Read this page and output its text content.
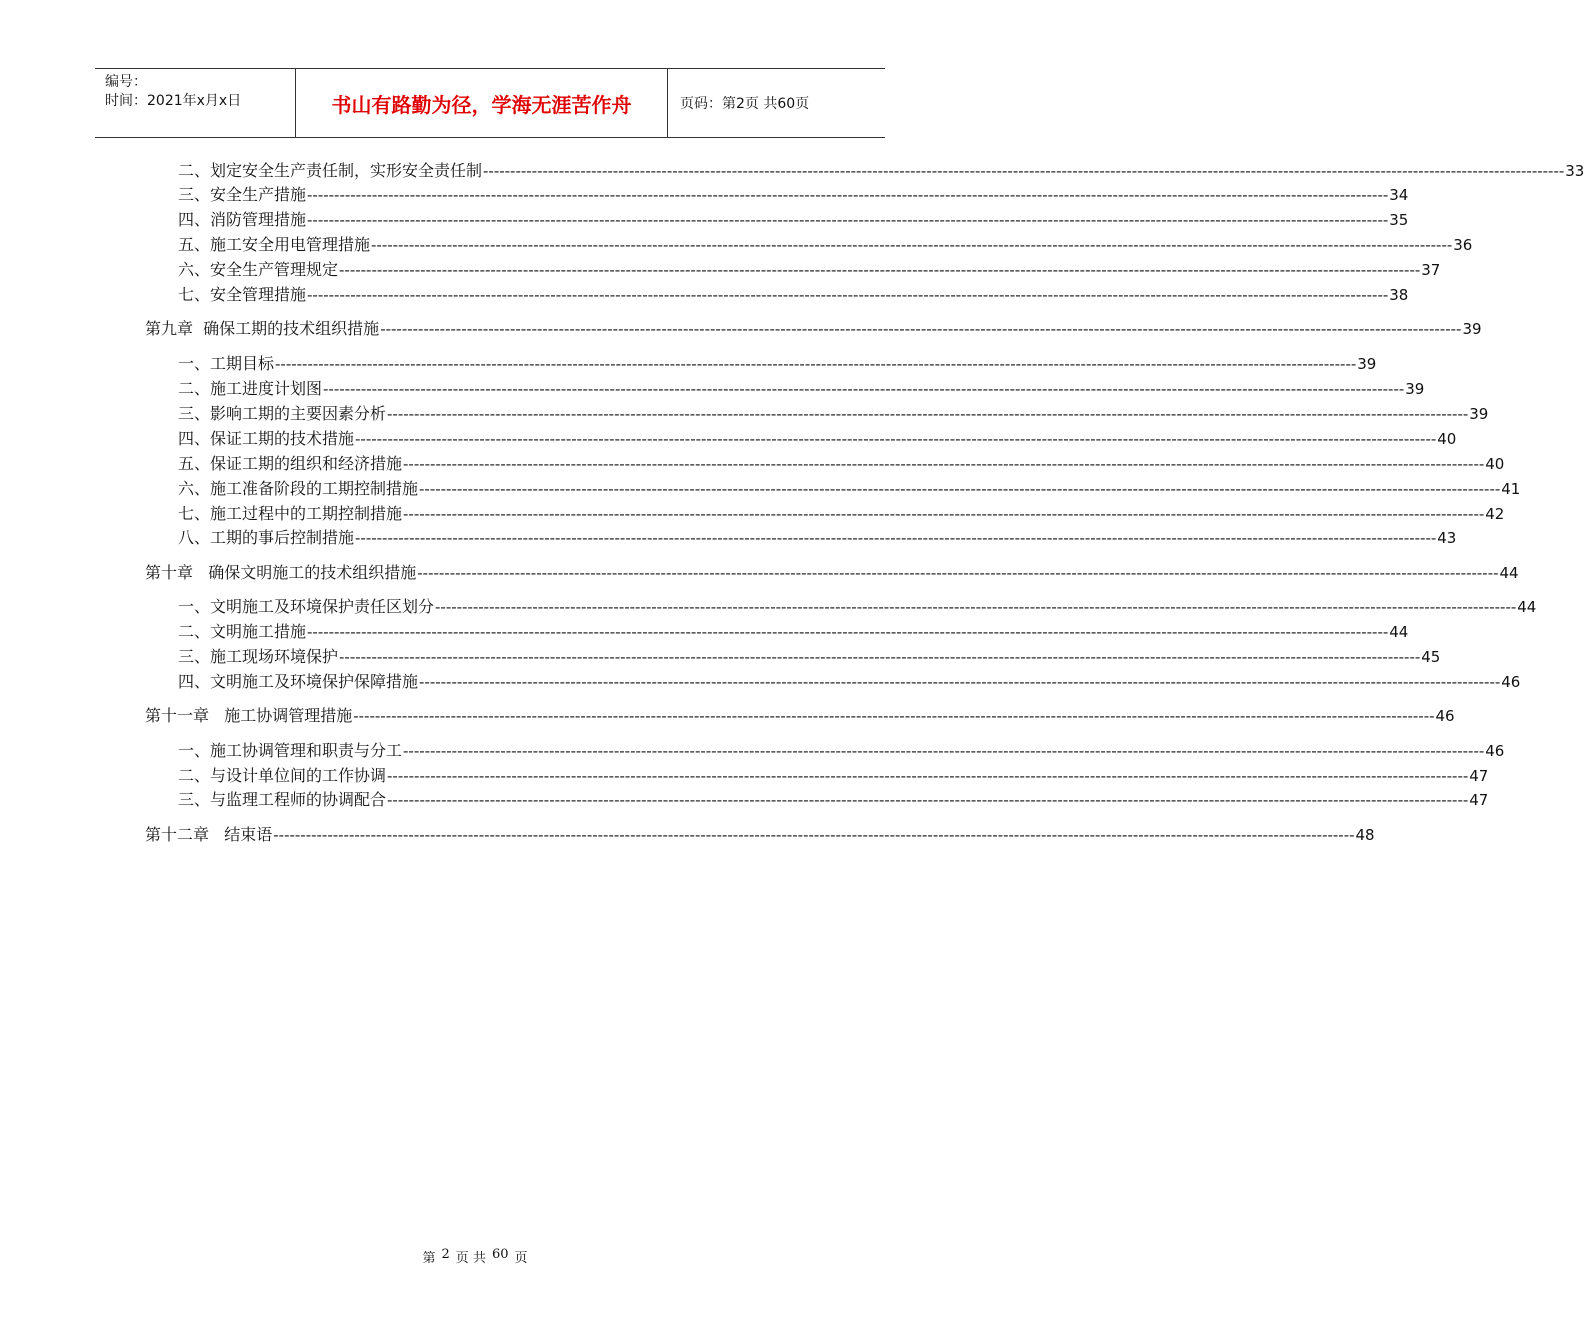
编号：
时间：2021年x月x日	书山有路勤为径，学海无涯苦作舟	页码：第2页 共60页
二、划定安全生产责任制，实形安全责任制 -------------------------------------------------------------------------------------------------------------------------------------------------------------------------------------------------------- 33
三、安全生产措施 -------------------------------------------------------------------------------------------------------------------------------------------------------------------------------------------------------- 34
四、消防管理措施 -------------------------------------------------------------------------------------------------------------------------------------------------------------------------------------------------------- 35
五、施工安全用电管理措施 -------------------------------------------------------------------------------------------------------------------------------------------------------------------------------------------------------- 36
六、安全生产管理规定 -------------------------------------------------------------------------------------------------------------------------------------------------------------------------------------------------------- 37
七、安全管理措施 -------------------------------------------------------------------------------------------------------------------------------------------------------------------------------------------------------- 38
第九章  确保工期的技术组织措施 -------------------------------------------------------------------------------------------------------------------------------------------------------------------------------------------------------- 39
一、工期目标 -------------------------------------------------------------------------------------------------------------------------------------------------------------------------------------------------------- 39
二、施工进度计划图 -------------------------------------------------------------------------------------------------------------------------------------------------------------------------------------------------------- 39
三、影响工期的主要因素分析 -------------------------------------------------------------------------------------------------------------------------------------------------------------------------------------------------------- 39
四、保证工期的技术措施 -------------------------------------------------------------------------------------------------------------------------------------------------------------------------------------------------------- 40
五、保证工期的组织和经济措施 -------------------------------------------------------------------------------------------------------------------------------------------------------------------------------------------------------- 40
六、施工准备阶段的工期控制措施 -------------------------------------------------------------------------------------------------------------------------------------------------------------------------------------------------------- 41
七、施工过程中的工期控制措施 -------------------------------------------------------------------------------------------------------------------------------------------------------------------------------------------------------- 42
八、工期的事后控制措施 -------------------------------------------------------------------------------------------------------------------------------------------------------------------------------------------------------- 43
第十章   确保文明施工的技术组织措施 -------------------------------------------------------------------------------------------------------------------------------------------------------------------------------------------------------- 44
一、文明施工及环境保护责任区划分 -------------------------------------------------------------------------------------------------------------------------------------------------------------------------------------------------------- 44
二、文明施工措施 -------------------------------------------------------------------------------------------------------------------------------------------------------------------------------------------------------- 44
三、施工现场环境保护 -------------------------------------------------------------------------------------------------------------------------------------------------------------------------------------------------------- 45
四、文明施工及环境保护保障措施 -------------------------------------------------------------------------------------------------------------------------------------------------------------------------------------------------------- 46
第十一章   施工协调管理措施 -------------------------------------------------------------------------------------------------------------------------------------------------------------------------------------------------------- 46
一、施工协调管理和职责与分工 -------------------------------------------------------------------------------------------------------------------------------------------------------------------------------------------------------- 46
二、与设计单位间的工作协调 -------------------------------------------------------------------------------------------------------------------------------------------------------------------------------------------------------- 47
三、与监理工程师的协调配合 -------------------------------------------------------------------------------------------------------------------------------------------------------------------------------------------------------- 47
第十二章   结束语 -------------------------------------------------------------------------------------------------------------------------------------------------------------------------------------------------------- 48
第 2 页 共 60 页
